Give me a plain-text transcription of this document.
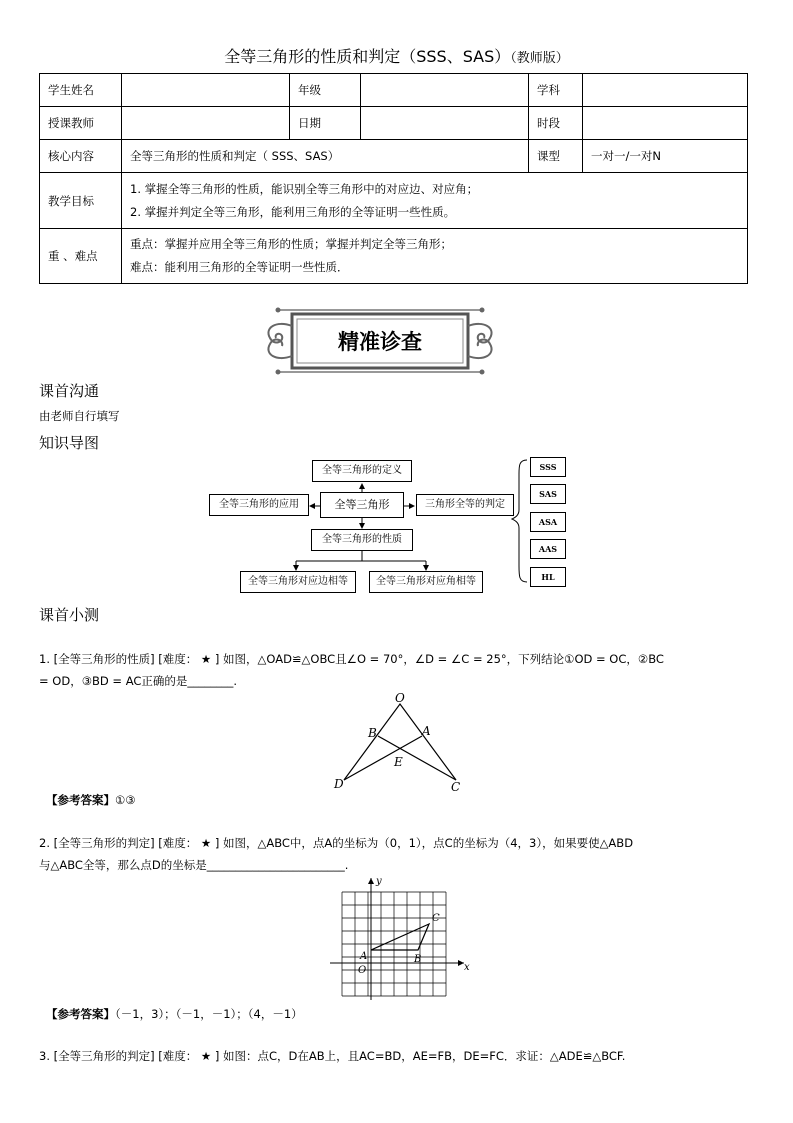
全等三角形的性质和判定（SSS、SAS）（教师版）
学生姓名		年级		学科	
授课教师		日期		时段	
核心内容	全等三角形的性质和判定（ SSS、SAS）			课型	一对一/一对N
教学目标	1. 掌握全等三角形的性质，能识别全等三角形中的对应边、对应角；
2. 掌握并判定全等三角形，能利用三角形的全等证明一些性质。				

重 、难点	重点：掌握并应用全等三角形的性质；掌握并判定全等三角形；
难点：能利用三角形的全等证明一些性质．				
精准诊查
课首沟通
由老师自行填写
知识导图
全等三角形的定义
全等三角形的应用	全等三角形	三角形全等的判定
全等三角形的性质
全等三角形对应边相等	全等三角形对应角相等
SSS
SAS
ASA
AAS
HL
课首小测
1. [全等三角形的性质] [难度： ★ ] 如图，△OAD≌△OBC且∠O = 70°，∠D = ∠C = 25°，下列结论①OD = OC，②BC
= OD，③BD = AC正确的是________.
O
B	A
E
D	C
【参考答案】①③
2. [全等三角形的判定] [难度： ★ ] 如图，△ABC中，点A的坐标为（0，1），点C的坐标为（4，3），如果要使△ABD
与△ABC全等，那么点D的坐标是________________________.
y
x
O
A	B
C
【参考答案】（－1，3）；（－1，－1）；（4，－1）
3. [全等三角形的判定] [难度： ★ ] 如图：点C，D在AB上，且AC=BD，AE=FB，DE=FC．求证：△ADE≌△BCF.
